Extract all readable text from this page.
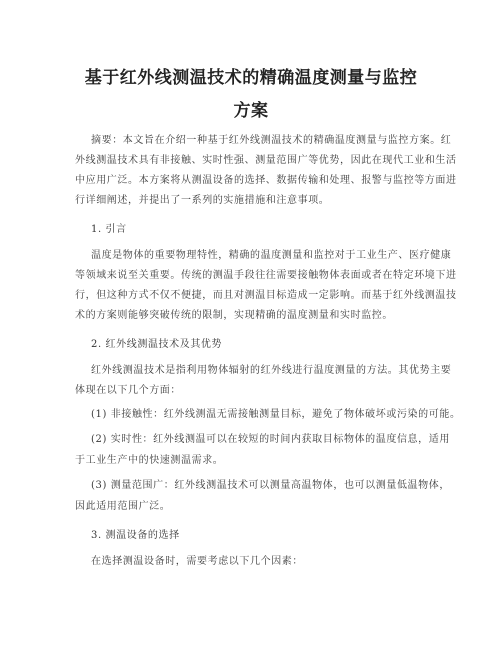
基于红外线测温技术的精确温度测量与监控
方案
摘要：本文旨在介绍一种基于红外线测温技术的精确温度测量与监控方案。红
外线测温技术具有非接触、实时性强、测量范围广等优势，因此在现代工业和生活
中应用广泛。本方案将从测温设备的选择、数据传输和处理、报警与监控等方面进
行详细阐述，并提出了一系列的实施措施和注意事项。
1. 引言
温度是物体的重要物理特性，精确的温度测量和监控对于工业生产、医疗健康
等领域来说至关重要。传统的测温手段往往需要接触物体表面或者在特定环境下进
行，但这种方式不仅不便捷，而且对测温目标造成一定影响。而基于红外线测温技
术的方案则能够突破传统的限制，实现精确的温度测量和实时监控。
2. 红外线测温技术及其优势
红外线测温技术是指利用物体辐射的红外线进行温度测量的方法。其优势主要
体现在以下几个方面：
(1) 非接触性：红外线测温无需接触测量目标，避免了物体破坏或污染的可能。
(2) 实时性：红外线测温可以在较短的时间内获取目标物体的温度信息，适用
于工业生产中的快速测温需求。
(3) 测量范围广：红外线测温技术可以测量高温物体，也可以测量低温物体，
因此适用范围广泛。
3. 测温设备的选择
在选择测温设备时，需要考虑以下几个因素：
